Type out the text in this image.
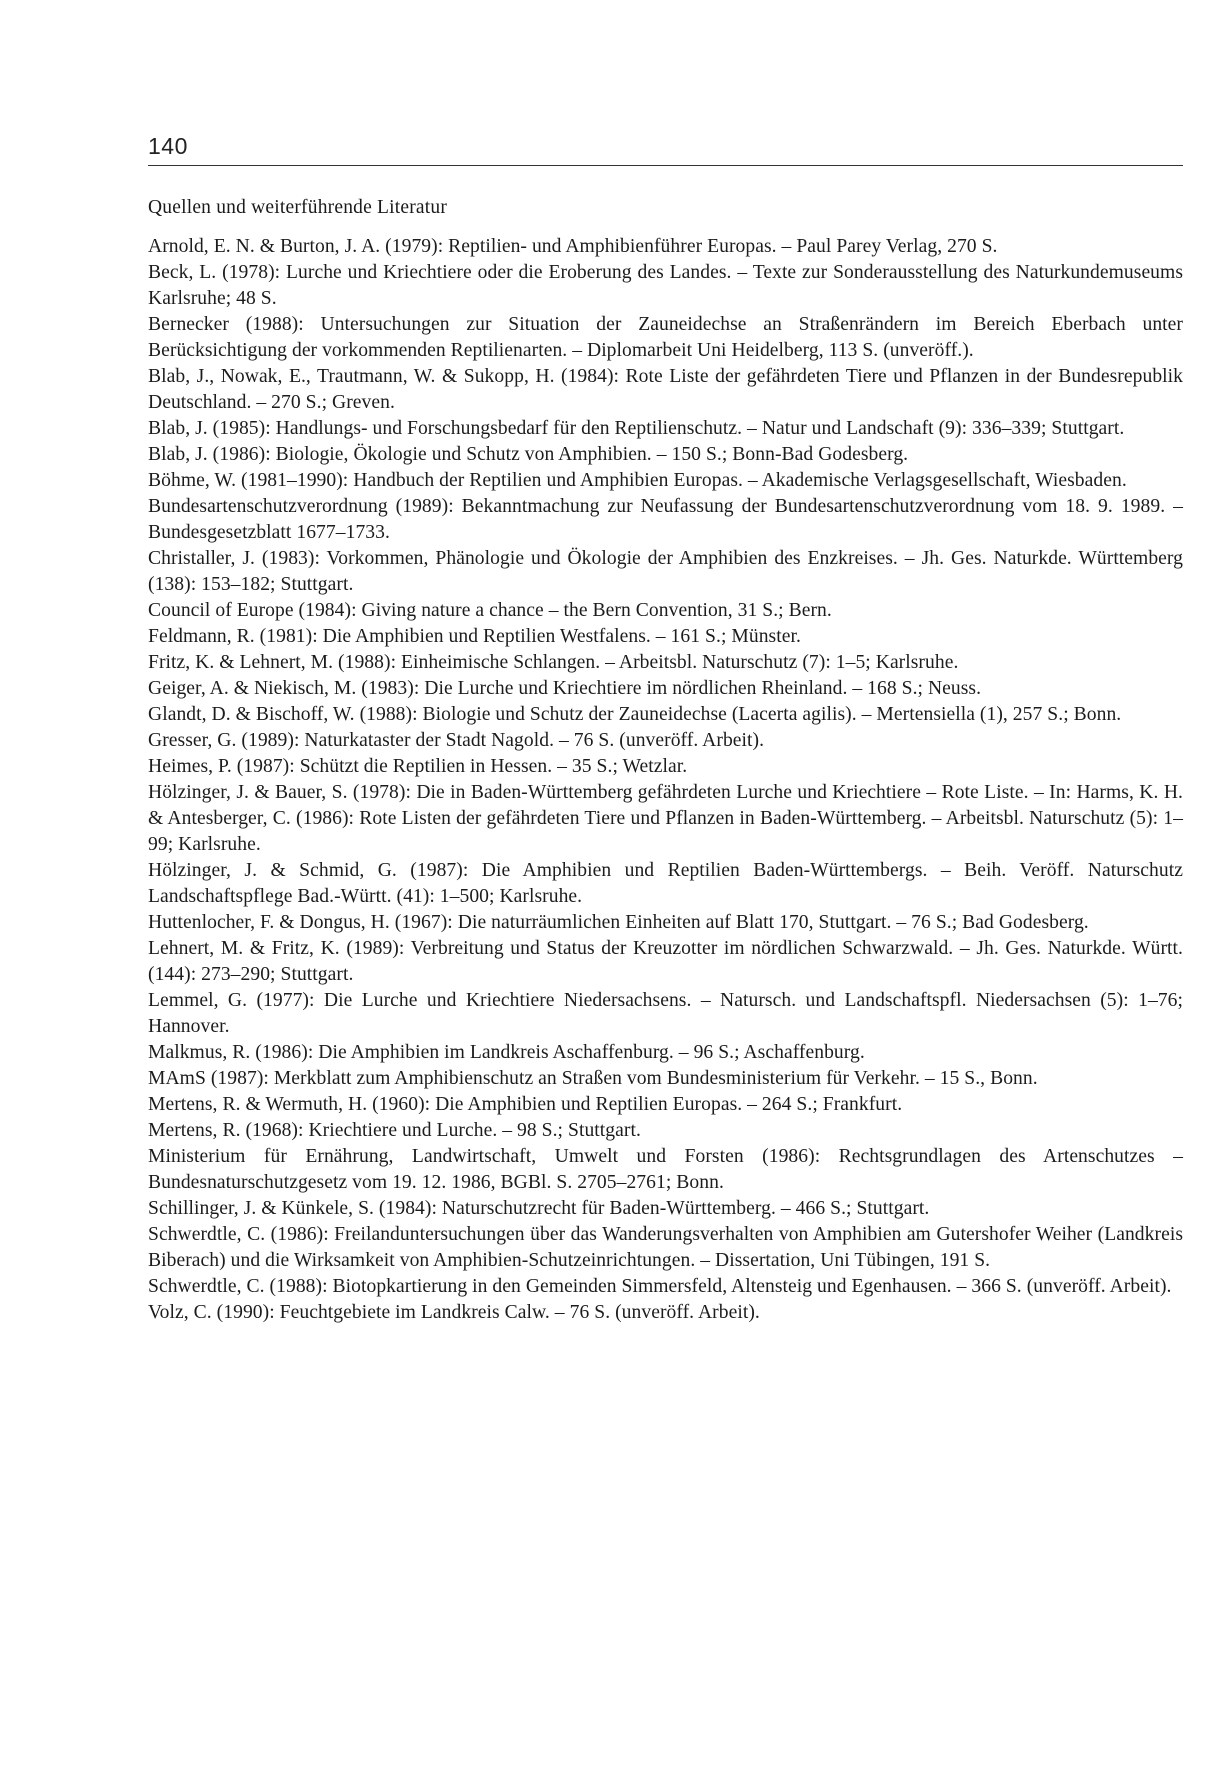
140
Quellen und weiterführende Literatur
Arnold, E. N. & Burton, J. A. (1979): Reptilien- und Amphibienführer Europas. – Paul Parey Verlag, 270 S.
Beck, L. (1978): Lurche und Kriechtiere oder die Eroberung des Landes. – Texte zur Sonderausstellung des Naturkundemuseums Karlsruhe; 48 S.
Bernecker (1988): Untersuchungen zur Situation der Zauneidechse an Straßenrändern im Bereich Eberbach unter Berücksichtigung der vorkommenden Reptilienarten. – Diplomarbeit Uni Heidelberg, 113 S. (unveröff.).
Blab, J., Nowak, E., Trautmann, W. & Sukopp, H. (1984): Rote Liste der gefährdeten Tiere und Pflanzen in der Bundesrepublik Deutschland. – 270 S.; Greven.
Blab, J. (1985): Handlungs- und Forschungsbedarf für den Reptilienschutz. – Natur und Landschaft (9): 336–339; Stuttgart.
Blab, J. (1986): Biologie, Ökologie und Schutz von Amphibien. – 150 S.; Bonn-Bad Godesberg.
Böhme, W. (1981–1990): Handbuch der Reptilien und Amphibien Europas. – Akademische Verlagsgesellschaft, Wiesbaden.
Bundesartenschutzverordnung (1989): Bekanntmachung zur Neufassung der Bundesartenschutzverordnung vom 18. 9. 1989. – Bundesgesetzblatt 1677–1733.
Christaller, J. (1983): Vorkommen, Phänologie und Ökologie der Amphibien des Enzkreises. – Jh. Ges. Naturkde. Württemberg (138): 153–182; Stuttgart.
Council of Europe (1984): Giving nature a chance – the Bern Convention, 31 S.; Bern.
Feldmann, R. (1981): Die Amphibien und Reptilien Westfalens. – 161 S.; Münster.
Fritz, K. & Lehnert, M. (1988): Einheimische Schlangen. – Arbeitsbl. Naturschutz (7): 1–5; Karlsruhe.
Geiger, A. & Niekisch, M. (1983): Die Lurche und Kriechtiere im nördlichen Rheinland. – 168 S.; Neuss.
Glandt, D. & Bischoff, W. (1988): Biologie und Schutz der Zauneidechse (Lacerta agilis). – Mertensiella (1), 257 S.; Bonn.
Gresser, G. (1989): Naturkataster der Stadt Nagold. – 76 S. (unveröff. Arbeit).
Heimes, P. (1987): Schützt die Reptilien in Hessen. – 35 S.; Wetzlar.
Hölzinger, J. & Bauer, S. (1978): Die in Baden-Württemberg gefährdeten Lurche und Kriechtiere – Rote Liste. – In: Harms, K. H. & Antesberger, C. (1986): Rote Listen der gefährdeten Tiere und Pflanzen in Baden-Württemberg. – Arbeitsbl. Naturschutz (5): 1–99; Karlsruhe.
Hölzinger, J. & Schmid, G. (1987): Die Amphibien und Reptilien Baden-Württembergs. – Beih. Veröff. Naturschutz Landschaftspflege Bad.-Württ. (41): 1–500; Karlsruhe.
Huttenlocher, F. & Dongus, H. (1967): Die naturräumlichen Einheiten auf Blatt 170, Stuttgart. – 76 S.; Bad Godesberg.
Lehnert, M. & Fritz, K. (1989): Verbreitung und Status der Kreuzotter im nördlichen Schwarzwald. – Jh. Ges. Naturkde. Württ. (144): 273–290; Stuttgart.
Lemmel, G. (1977): Die Lurche und Kriechtiere Niedersachsens. – Natursch. und Landschaftspfl. Niedersachsen (5): 1–76; Hannover.
Malkmus, R. (1986): Die Amphibien im Landkreis Aschaffenburg. – 96 S.; Aschaffenburg.
MAmS (1987): Merkblatt zum Amphibienschutz an Straßen vom Bundesministerium für Verkehr. – 15 S., Bonn.
Mertens, R. & Wermuth, H. (1960): Die Amphibien und Reptilien Europas. – 264 S.; Frankfurt.
Mertens, R. (1968): Kriechtiere und Lurche. – 98 S.; Stuttgart.
Ministerium für Ernährung, Landwirtschaft, Umwelt und Forsten (1986): Rechtsgrundlagen des Artenschutzes – Bundesnaturschutzgesetz vom 19. 12. 1986, BGBl. S. 2705–2761; Bonn.
Schillinger, J. & Künkele, S. (1984): Naturschutzrecht für Baden-Württemberg. – 466 S.; Stuttgart.
Schwerdtle, C. (1986): Freilanduntersuchungen über das Wanderungsverhalten von Amphibien am Gutershofer Weiher (Landkreis Biberach) und die Wirksamkeit von Amphibien-Schutzeinrichtungen. – Dissertation, Uni Tübingen, 191 S.
Schwerdtle, C. (1988): Biotopkartierung in den Gemeinden Simmersfeld, Altensteig und Egenhausen. – 366 S. (unveröff. Arbeit).
Volz, C. (1990): Feuchtgebiete im Landkreis Calw. – 76 S. (unveröff. Arbeit).
